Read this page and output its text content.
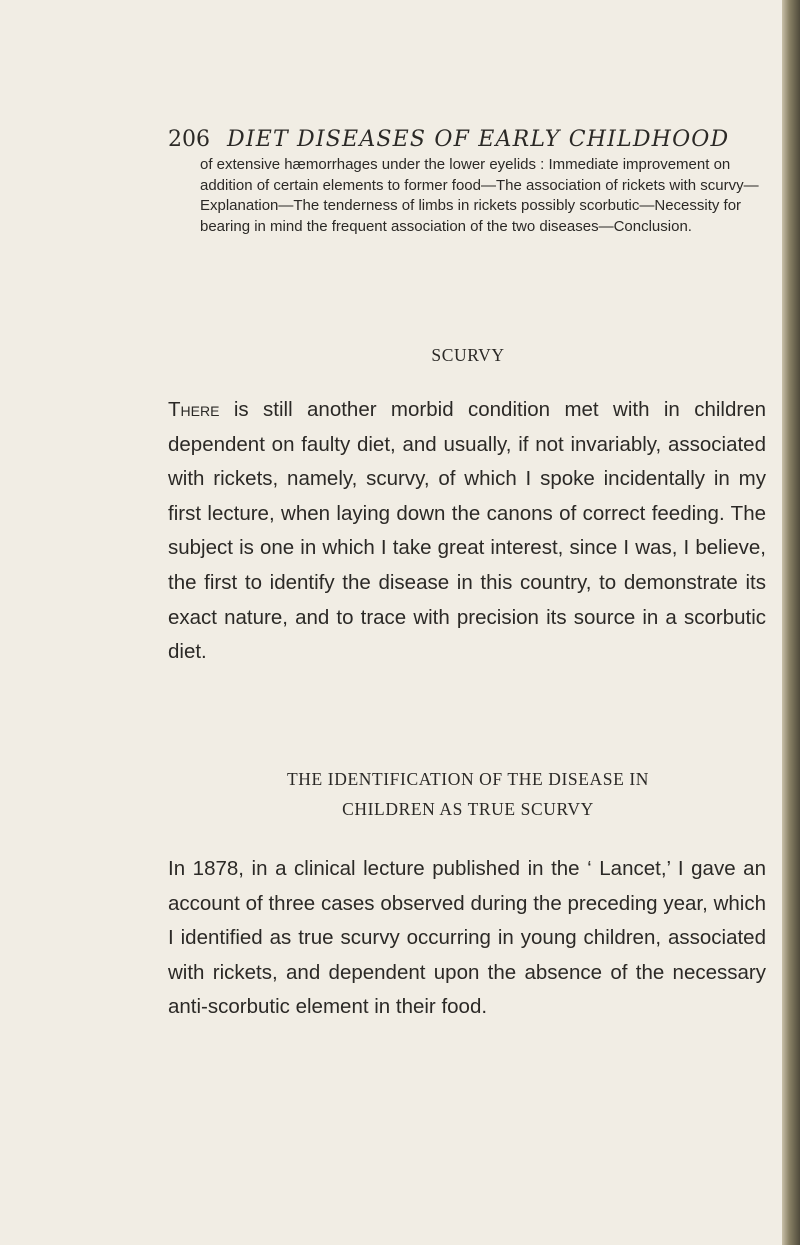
206 DIET DISEASES OF EARLY CHILDHOOD

of extensive hæmorrhages under the lower eyelids : Immediate improvement on addition of certain elements to former food—The association of rickets with scurvy—Explanation—The tenderness of limbs in rickets possibly scorbutic—Necessity for bearing in mind the frequent association of the two diseases—Conclusion.

SCURVY

There is still another morbid condition met with in children dependent on faulty diet, and usually, if not invariably, associated with rickets, namely, scurvy, of which I spoke incidentally in my first lecture, when laying down the canons of correct feeding. The subject is one in which I take great interest, since I was, I believe, the first to identify the disease in this country, to demonstrate its exact nature, and to trace with precision its source in a scorbutic diet.

THE IDENTIFICATION OF THE DISEASE IN
CHILDREN AS TRUE SCURVY

In 1878, in a clinical lecture published in the ‘ Lancet,’ I gave an account of three cases observed during the preceding year, which I identified as true scurvy occurring in young children, associated with rickets, and dependent upon the absence of the necessary anti-scorbutic element in their food.
